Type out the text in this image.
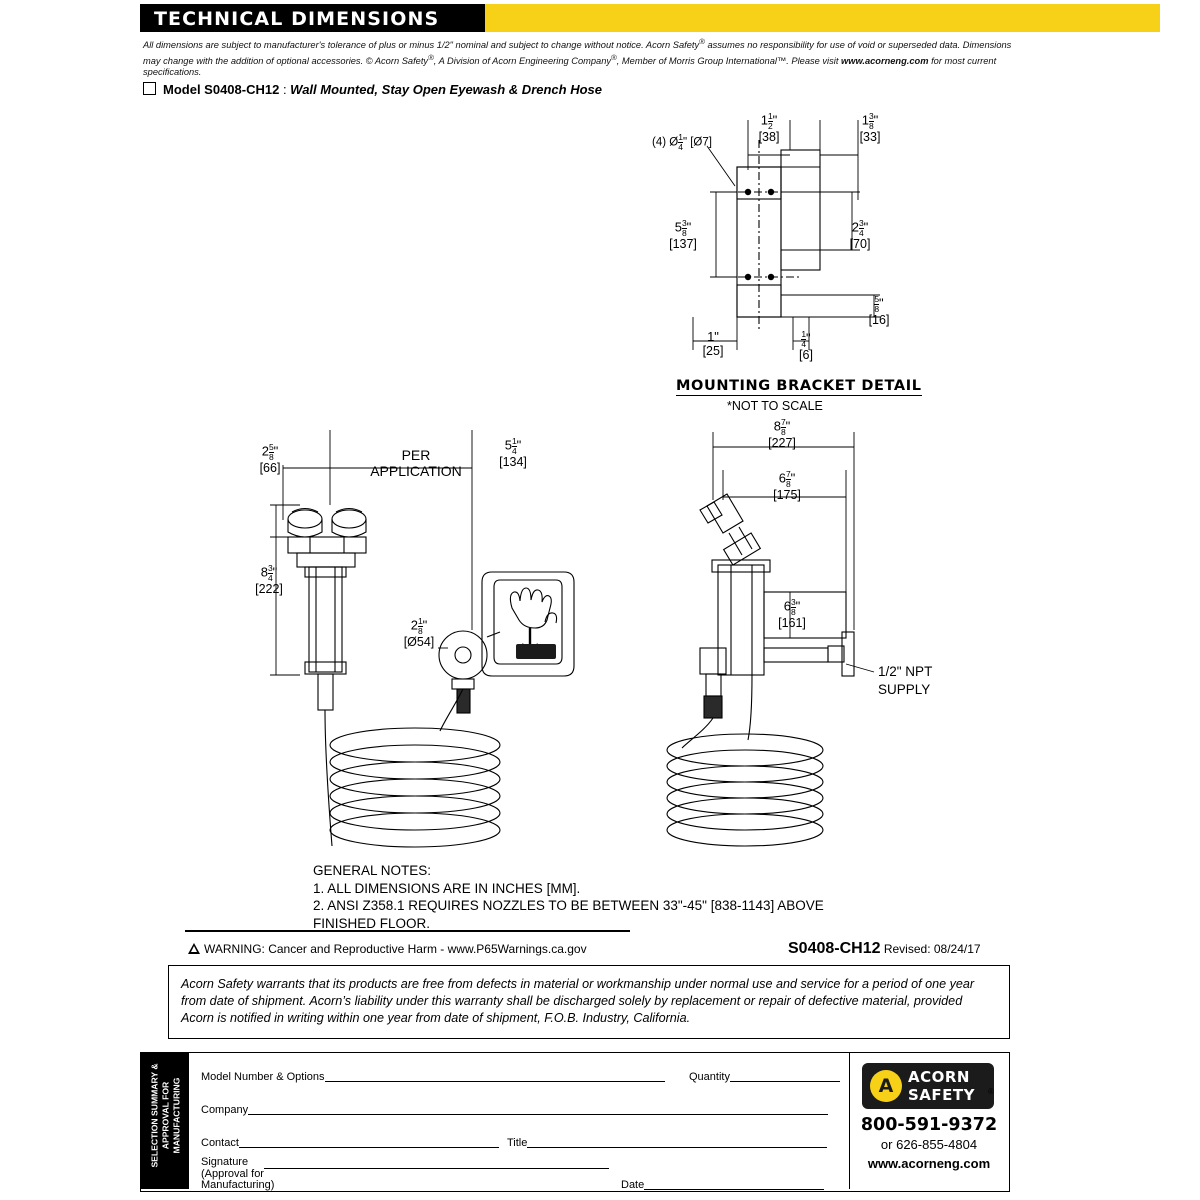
TECHNICAL DIMENSIONS
All dimensions are subject to manufacturer's tolerance of plus or minus 1/2" nominal and subject to change without notice. Acorn Safety® assumes no responsibility for use of void or superseded data. Dimensions may change with the addition of optional accessories. © Acorn Safety®, A Division of Acorn Engineering Company®, Member of Morris Group International™. Please visit www.acorneng.com for most current specifications.
Model S0408-CH12 : Wall Mounted, Stay Open Eyewash & Drench Hose
(4) Ø $\frac{1}{4}$ " [Ø7]
$1 \frac{1}{2}$ "
[38]
$1 \frac{3}{8}$ "
[33]
$5 \frac{3}{8}$ "
[137]
$2 \frac{3}{4}$ "
[70]
$\frac{5}{8}$ "
[16]
1"
[25]
$\frac{1}{4}$ "
[6]
MOUNTING BRACKET DETAIL
*NOT TO SCALE
PER
APPLICATION
$5 \frac{1}{4}$ "
[134]
$2 \frac{5}{8}$ "
[66]
$8 \frac{3}{4}$ "
[222]
$2 \frac{1}{8}$ "
[Ø54]
$8 \frac{7}{8}$ "
[227]
$6 \frac{7}{8}$ "
[175]
$6 \frac{3}{8}$ "
[161]
1/2" NPT
SUPPLY
GENERAL NOTES:
1. ALL DIMENSIONS ARE IN INCHES [MM].
2. ANSI Z358.1 REQUIRES NOZZLES TO BE BETWEEN 33"-45" [838-1143] ABOVE
FINISHED FLOOR.
WARNING: Cancer and Reproductive Harm - www.P65Warnings.ca.gov	S0408-CH12 Revised: 08/24/17
Acorn Safety warrants that its products are free from defects in material or workmanship under normal use and service for a period of one year from date of shipment. Acorn’s liability under this warranty shall be discharged solely by replacement or repair of defective material, provided Acorn is notified in writing within one year from date of shipment, F.O.B. Industry, California.
SELECTION SUMMARY & APPROVAL FOR MANUFACTURING
Model Number & Options	Quantity
Company
Contact	Title
Signature
(Approval for
Manufacturing)	Date
A ACORN
SAFETY ®
800-591-9372
or 626-855-4804
www.acorneng.com
